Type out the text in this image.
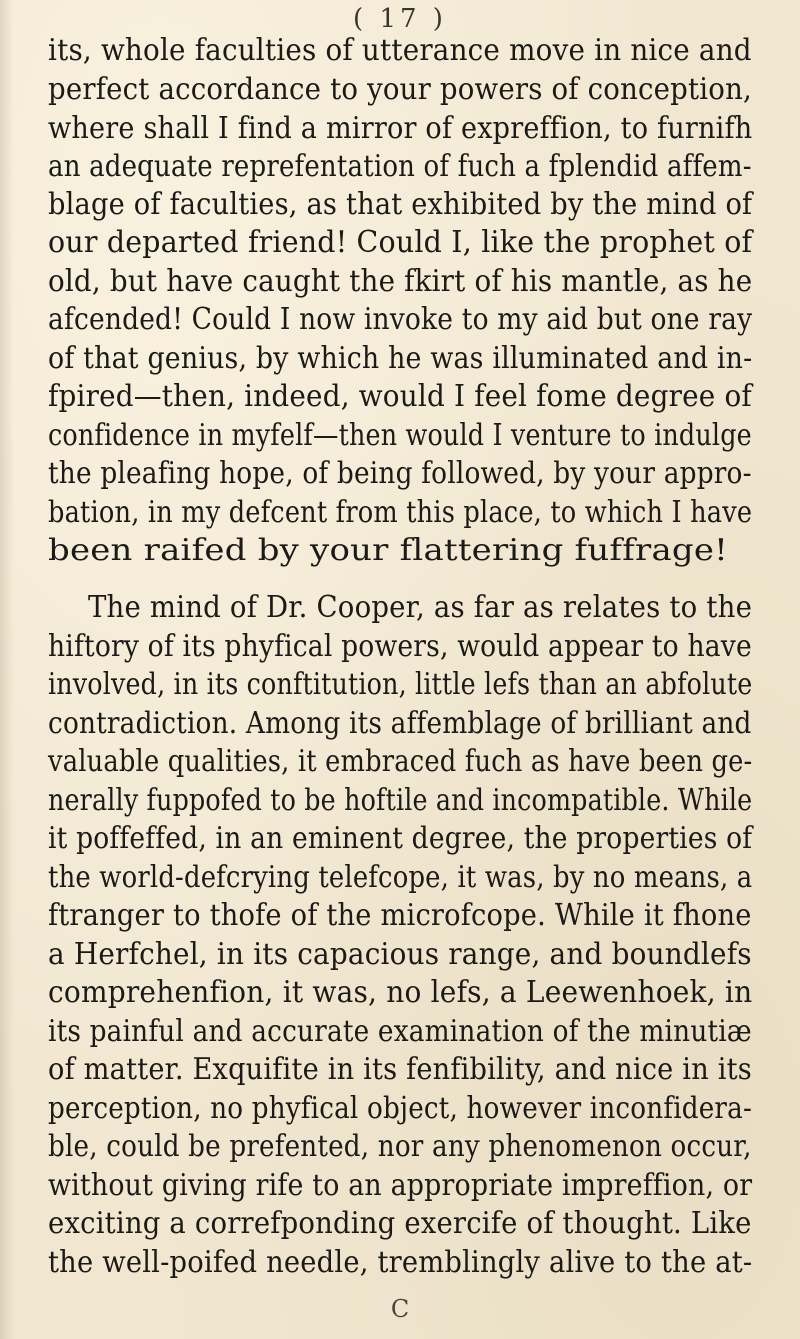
( 17 )
its, whole faculties of utterance move in nice and
perfect accordance to your powers of conception,
where shall I find a mirror of expreffion, to furnifh
an adequate reprefentation of fuch a fplendid affem-
blage of faculties, as that exhibited by the mind of
our departed friend! Could I, like the prophet of
old, but have caught the fkirt of his mantle, as he
afcended! Could I now invoke to my aid but one ray
of that genius, by which he was illuminated and in-
fpired—then, indeed, would I feel fome degree of
confidence in myfelf—then would I venture to indulge
the pleafing hope, of being followed, by your appro-
bation, in my defcent from this place, to which I have
been raifed by your flattering fuffrage!
The mind of Dr. Cooper, as far as relates to the
hiftory of its phyfical powers, would appear to have
involved, in its conftitution, little lefs than an abfolute
contradiction. Among its affemblage of brilliant and
valuable qualities, it embraced fuch as have been ge-
nerally fuppofed to be hoftile and incompatible. While
it poffeffed, in an eminent degree, the properties of
the world-defcrying telefcope, it was, by no means, a
ftranger to thofe of the microfcope. While it fhone
a Herfchel, in its capacious range, and boundlefs
comprehenfion, it was, no lefs, a Leewenhoek, in
its painful and accurate examination of the minutiæ
of matter. Exquifite in its fenfibility, and nice in its
perception, no phyfical object, however inconfidera-
ble, could be prefented, nor any phenomenon occur,
without giving rife to an appropriate impreffion, or
exciting a correfponding exercife of thought. Like
the well-poifed needle, tremblingly alive to the at-
C
